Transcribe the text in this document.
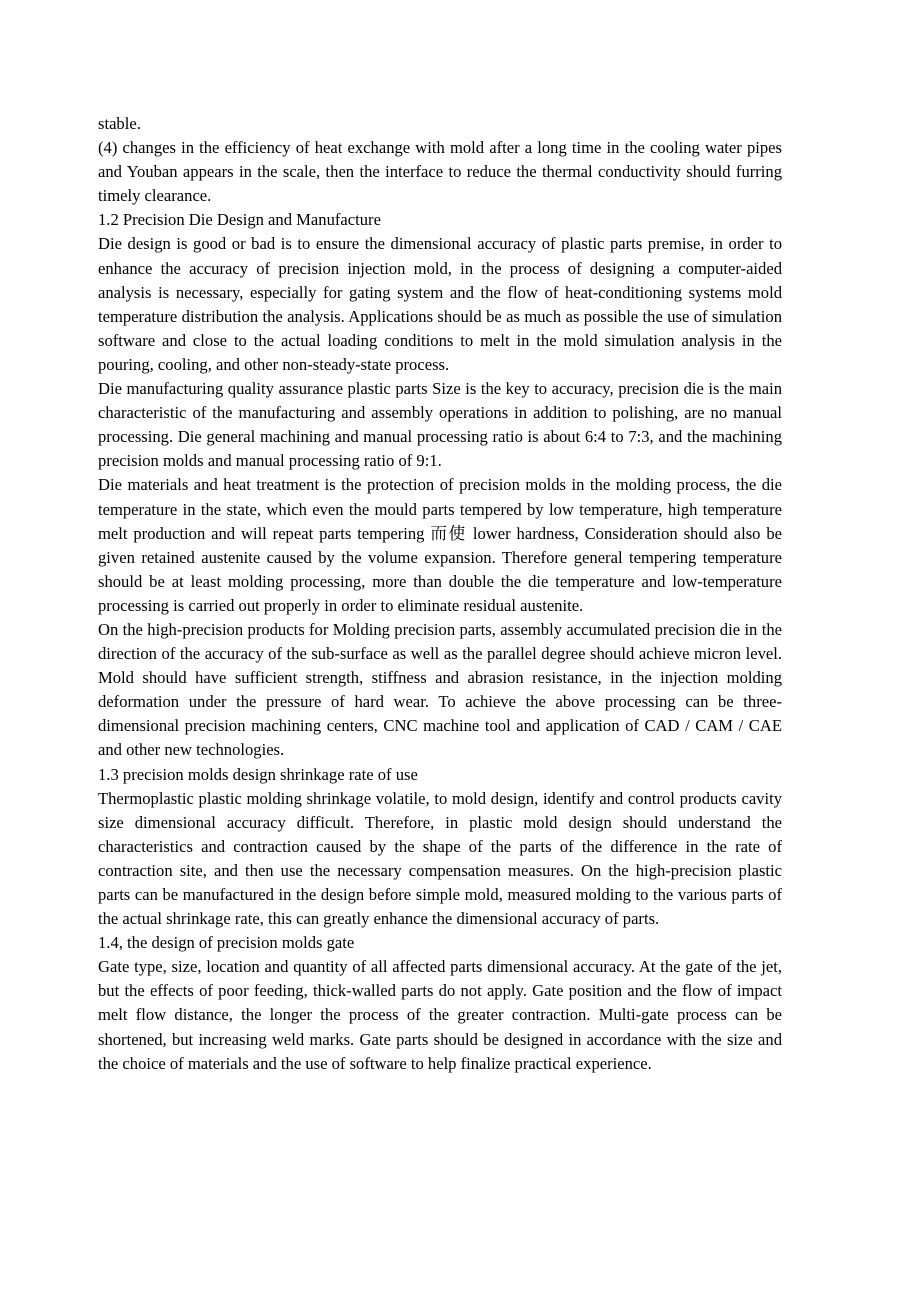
stable.

(4) changes in the efficiency of heat exchange with mold after a long time in the cooling water pipes and Youban appears in the scale, then the interface to reduce the thermal conductivity should furring timely clearance.

1.2 Precision Die Design and Manufacture

Die design is good or bad is to ensure the dimensional accuracy of plastic parts premise, in order to enhance the accuracy of precision injection mold, in the process of designing a computer-aided analysis is necessary, especially for gating system and the flow of heat-conditioning systems mold temperature distribution the analysis. Applications should be as much as possible the use of simulation software and close to the actual loading conditions to melt in the mold simulation analysis in the pouring, cooling, and other non-steady-state process.

Die manufacturing quality assurance plastic parts Size is the key to accuracy, precision die is the main characteristic of the manufacturing and assembly operations in addition to polishing, are no manual processing. Die general machining and manual processing ratio is about 6:4 to 7:3, and the machining precision molds and manual processing ratio of 9:1.

Die materials and heat treatment is the protection of precision molds in the molding process, the die temperature in the state, which even the mould parts tempered by low temperature, high temperature melt production and will repeat parts tempering 而使 lower hardness, Consideration should also be given retained austenite caused by the volume expansion. Therefore general tempering temperature should be at least molding processing, more than double the die temperature and low-temperature processing is carried out properly in order to eliminate residual austenite.

On the high-precision products for Molding precision parts, assembly accumulated precision die in the direction of the accuracy of the sub-surface as well as the parallel degree should achieve micron level. Mold should have sufficient strength, stiffness and abrasion resistance, in the injection molding deformation under the pressure of hard wear. To achieve the above processing can be three-dimensional precision machining centers, CNC machine tool and application of CAD / CAM / CAE and other new technologies.

1.3 precision molds design shrinkage rate of use

Thermoplastic plastic molding shrinkage volatile, to mold design, identify and control products cavity size dimensional accuracy difficult. Therefore, in plastic mold design should understand the characteristics and contraction caused by the shape of the parts of the difference in the rate of contraction site, and then use the necessary compensation measures. On the high-precision plastic parts can be manufactured in the design before simple mold, measured molding to the various parts of the actual shrinkage rate, this can greatly enhance the dimensional accuracy of parts.

1.4, the design of precision molds gate

Gate type, size, location and quantity of all affected parts dimensional accuracy. At the gate of the jet, but the effects of poor feeding, thick-walled parts do not apply. Gate position and the flow of impact melt flow distance, the longer the process of the greater contraction. Multi-gate process can be shortened, but increasing weld marks. Gate parts should be designed in accordance with the size and the choice of materials and the use of software to help finalize practical experience.
